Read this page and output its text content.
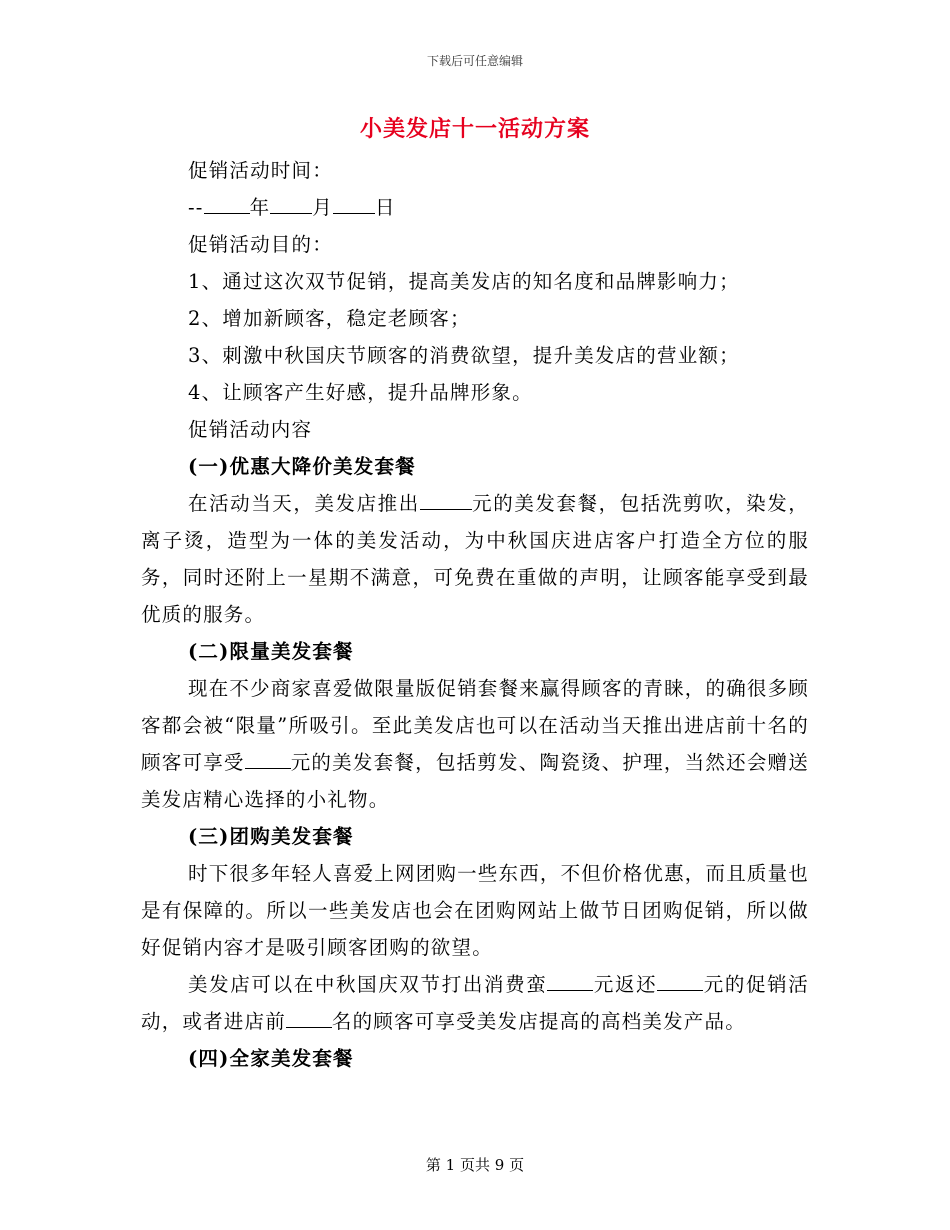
下载后可任意编辑
小美发店十一活动方案

促销活动时间：

-- 年 月 日

促销活动目的：

1、通过这次双节促销，提高美发店的知名度和品牌影响力；

2、增加新顾客，稳定老顾客；

3、刺激中秋国庆节顾客的消费欲望，提升美发店的营业额；

4、让顾客产生好感，提升品牌形象。

促销活动内容

(一)优惠大降价美发套餐

在活动当天，美发店推出	元的美发套餐，包括洗剪吹，染发，离子烫，造型为一体的美发活动，为中秋国庆进店客户打造全方位的服务，同时还附上一星期不满意，可免费在重做的声明，让顾客能享受到最优质的服务。

(二)限量美发套餐

现在不少商家喜爱做限量版促销套餐来赢得顾客的青睐，的确很多顾客都会被“限量”所吸引。至此美发店也可以在活动当天推出进店前十名的顾客可享受 元的美发套餐，包括剪发、陶瓷烫、护理，当然还会赠送美发店精心选择的小礼物。

(三)团购美发套餐

时下很多年轻人喜爱上网团购一些东西，不但价格优惠，而且质量也是有保障的。所以一些美发店也会在团购网站上做节日团购促销，所以做好促销内容才是吸引顾客团购的欲望。

美发店可以在中秋国庆双节打出消费蛮 元返还 元的促销活动，或者进店前 名的顾客可享受美发店提高的高档美发产品。

(四)全家美发套餐

第 1 页共 9 页
